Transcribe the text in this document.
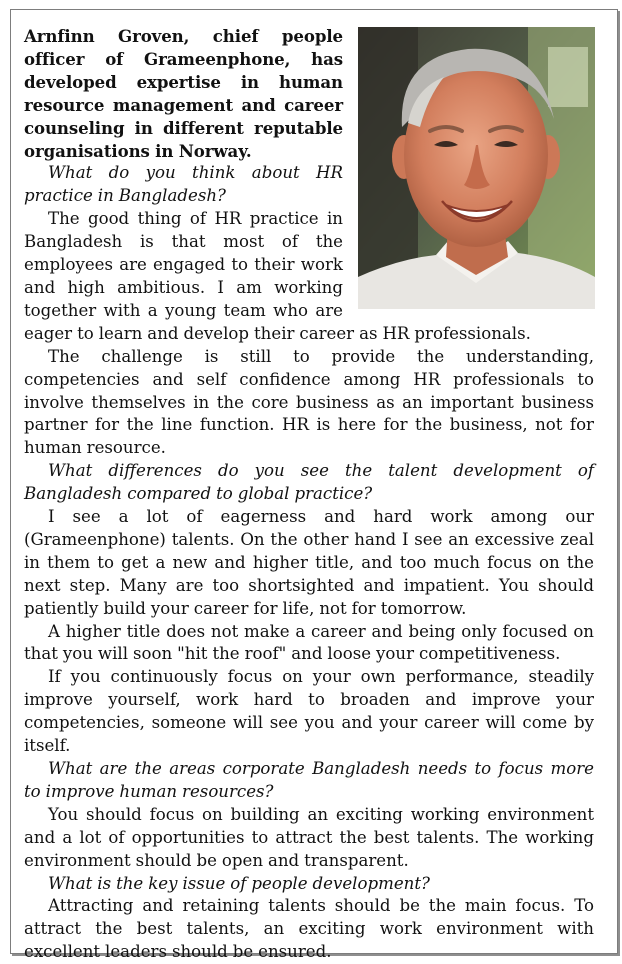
Arnfinn Groven, chief people officer of Grameenphone, has developed expertise in human resource management and career counseling in different reputable organisations in Norway.

What do you think about HR practice in Bangladesh?

The good thing of HR practice in Bangladesh is that most of the employees are engaged to their work and high ambitious. I am working together with a young team who are eager to learn and develop their career as HR professionals.

The challenge is still to provide the understanding, competencies and self confidence among HR professionals to involve themselves in the core business as an important business partner for the line function. HR is here for the business, not for human resource.

What differences do you see the talent development of Bangladesh compared to global practice?

I see a lot of eagerness and hard work among our (Grameenphone) talents. On the other hand I see an excessive zeal in them to get a new and higher title, and too much focus on the next step. Many are too shortsighted and impatient. You should patiently build your career for life, not for tomorrow.

A higher title does not make a career and being only focused on that you will soon "hit the roof" and loose your competitiveness.

If you continuously focus on your own performance, steadily improve yourself, work hard to broaden and improve your competencies, someone will see you and your career will come by itself.

What are the areas corporate Bangladesh needs to focus more to improve human resources?

You should focus on building an exciting working environment and a lot of opportunities to attract the best talents. The working environment should be open and transparent.

What is the key issue of people development?

Attracting and retaining talents should be the main focus. To attract the best talents, an exciting work environment with excellent leaders should be ensured.
